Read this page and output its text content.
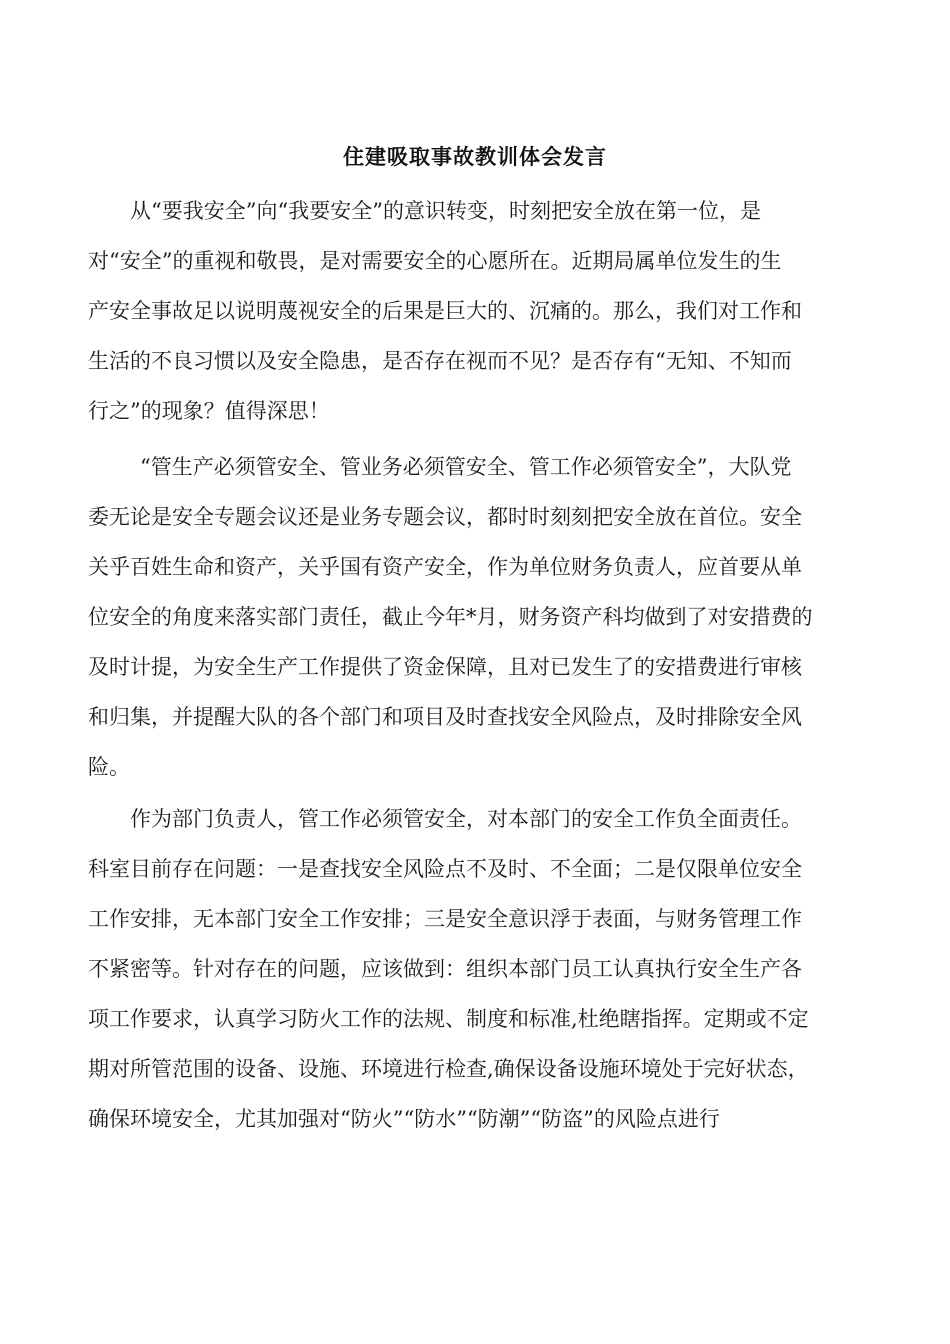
住建吸取事故教训体会发言
从“要我安全”向“我要安全”的意识转变，时刻把安全放在第一位，是
对“安全”的重视和敬畏，是对需要安全的心愿所在。近期局属单位发生的生
产安全事故足以说明蔑视安全的后果是巨大的、沉痛的。那么，我们对工作和
生活的不良习惯以及安全隐患，是否存在视而不见？是否存有“无知、不知而
行之”的现象？值得深思！
“管生产必须管安全、管业务必须管安全、管工作必须管安全”，大队党
委无论是安全专题会议还是业务专题会议，都时时刻刻把安全放在首位。安全
关乎百姓生命和资产，关乎国有资产安全，作为单位财务负责人，应首要从单
位安全的角度来落实部门责任，截止今年*月，财务资产科均做到了对安措费的
及时计提，为安全生产工作提供了资金保障，且对已发生了的安措费进行审核
和归集，并提醒大队的各个部门和项目及时查找安全风险点，及时排除安全风
险。
作为部门负责人，管工作必须管安全，对本部门的安全工作负全面责任。
科室目前存在问题：一是查找安全风险点不及时、不全面；二是仅限单位安全
工作安排，无本部门安全工作安排；三是安全意识浮于表面，与财务管理工作
不紧密等。针对存在的问题，应该做到：组织本部门员工认真执行安全生产各
项工作要求，认真学习防火工作的法规、制度和标准,杜绝瞎指挥。定期或不定
期对所管范围的设备、设施、环境进行检查,确保设备设施环境处于完好状态，
确保环境安全，尤其加强对“防火”“防水”“防潮”“防盗”的风险点进行
